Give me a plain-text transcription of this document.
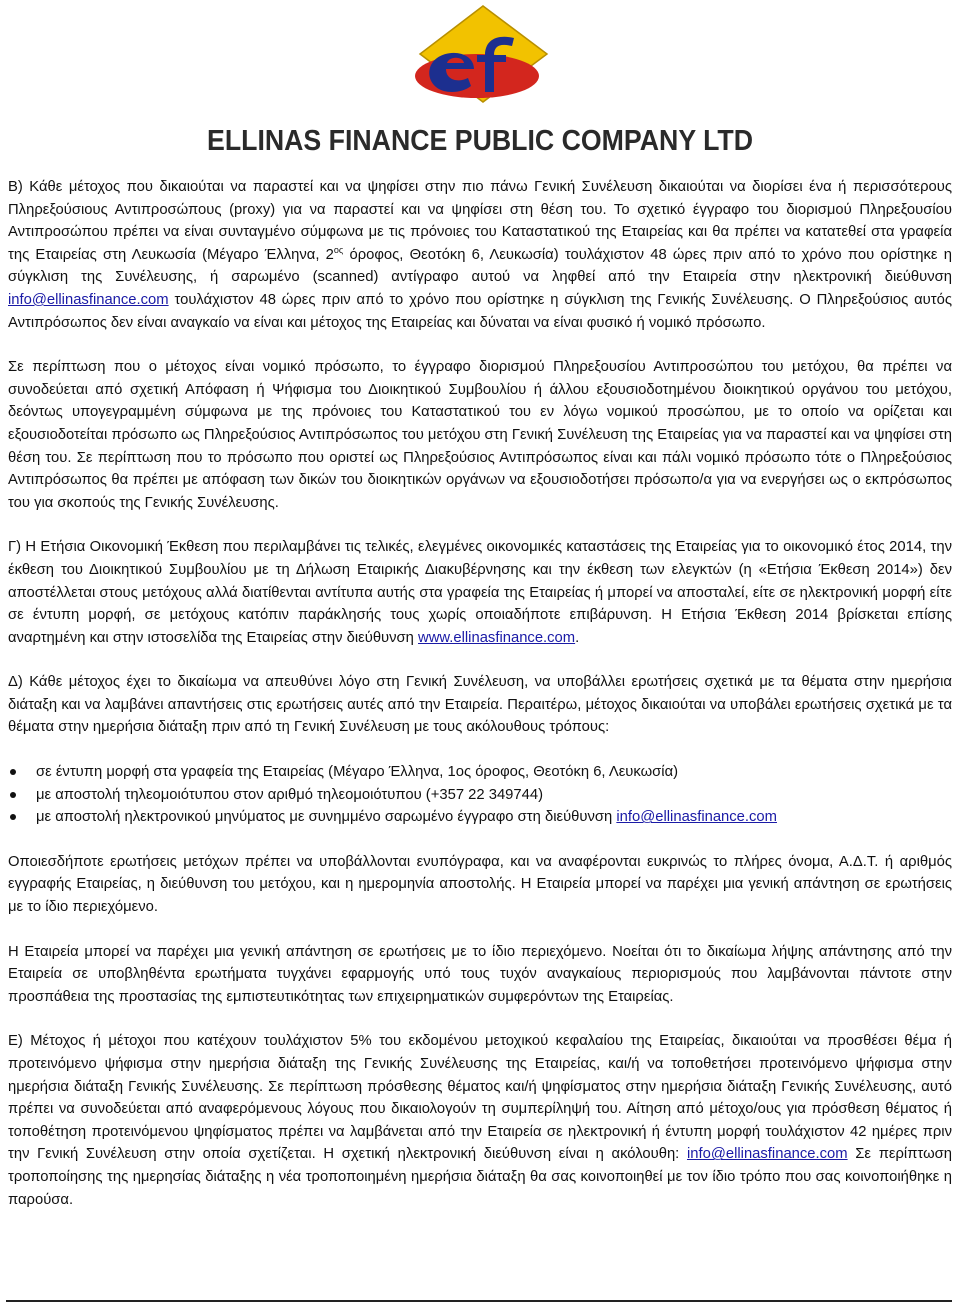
ELLINAS FINANCE PUBLIC COMPANY LTD

Β) Κάθε μέτοχος που δικαιούται να παραστεί και να ψηφίσει στην πιο πάνω Γενική Συνέλευση δικαιούται να διορίσει ένα ή περισσότερους Πληρεξούσιους Αντιπροσώπους (proxy) για να παραστεί και να ψηφίσει στη θέση του. Το σχετικό έγγραφο του διορισμού Πληρεξουσίου Αντιπροσώπου πρέπει να είναι συνταγμένο σύμφωνα με τις πρόνοιες του Καταστατικού της Εταιρείας και θα πρέπει να κατατεθεί στα γραφεία της Εταιρείας στη Λευκωσία (Μέγαρο Έλληνα, $2^{o\varsigma}$ όροφος, Θεοτόκη 6, Λευκωσία) τουλάχιστον 48 ώρες πριν από το χρόνο που ορίστηκε η σύγκλιση της Συνέλευσης, ή σαρωμένο (scanned) αντίγραφο αυτού να ληφθεί από την Εταιρεία στην ηλεκτρονική διεύθυνση info@ellinasfinance.com τουλάχιστον 48 ώρες πριν από το χρόνο που ορίστηκε η σύγκλιση της Γενικής Συνέλευσης. Ο Πληρεξούσιος αυτός Αντιπρόσωπος δεν είναι αναγκαίο να είναι και μέτοχος της Εταιρείας και δύναται να είναι φυσικό ή νομικό πρόσωπο.

Σε περίπτωση που ο μέτοχος είναι νομικό πρόσωπο, το έγγραφο διορισμού Πληρεξουσίου Αντιπροσώπου του μετόχου, θα πρέπει να συνοδεύεται από σχετική Απόφαση ή Ψήφισμα του Διοικητικού Συμβουλίου ή άλλου εξουσιοδοτημένου διοικητικού οργάνου του μετόχου, δεόντως υπογεγραμμένη σύμφωνα με της πρόνοιες του Καταστατικού του εν λόγω νομικού προσώπου, με το οποίο να ορίζεται και εξουσιοδοτείται πρόσωπο ως Πληρεξούσιος Αντιπρόσωπος του μετόχου στη Γενική Συνέλευση της Εταιρείας για να παραστεί και να ψηφίσει στη θέση του. Σε περίπτωση που το πρόσωπο που οριστεί ως Πληρεξούσιος Αντιπρόσωπος είναι και πάλι νομικό πρόσωπο τότε ο Πληρεξούσιος Αντιπρόσωπος θα πρέπει με απόφαση των δικών του διοικητικών οργάνων να εξουσιοδοτήσει πρόσωπο/α για να ενεργήσει ως ο εκπρόσωπος του για σκοπούς της Γενικής Συνέλευσης.

Γ) Η Ετήσια Οικονομική Έκθεση που περιλαμβάνει τις τελικές, ελεγμένες οικονομικές καταστάσεις της Εταιρείας για το οικονομικό έτος 2014, την έκθεση του Διοικητικού Συμβουλίου με τη Δήλωση Εταιρικής Διακυβέρνησης και την έκθεση των ελεγκτών (η «Ετήσια Έκθεση 2014») δεν αποστέλλεται στους μετόχους αλλά διατίθενται αντίτυπα αυτής στα γραφεία της Εταιρείας ή μπορεί να αποσταλεί, είτε σε ηλεκτρονική μορφή είτε σε έντυπη μορφή, σε μετόχους κατόπιν παράκλησής τους χωρίς οποιαδήποτε επιβάρυνση. Η Ετήσια Έκθεση 2014 βρίσκεται επίσης αναρτημένη και στην ιστοσελίδα της Εταιρείας στην διεύθυνση www.ellinasfinance.com.

Δ) Κάθε μέτοχος έχει το δικαίωμα να απευθύνει λόγο στη Γενική Συνέλευση, να υποβάλλει ερωτήσεις σχετικά με τα θέματα στην ημερήσια διάταξη και να λαμβάνει απαντήσεις στις ερωτήσεις αυτές από την Εταιρεία. Περαιτέρω, μέτοχος δικαιούται να υποβάλει ερωτήσεις σχετικά με τα θέματα στην ημερήσια διάταξη πριν από τη Γενική Συνέλευση με τους ακόλουθους τρόπους:

σε έντυπη μορφή στα γραφεία της Εταιρείας (Μέγαρο Έλληνα, 1ος όροφος, Θεοτόκη 6, Λευκωσία)
με αποστολή τηλεομοιότυπου στον αριθμό τηλεομοιότυπου (+357 22 349744)
με αποστολή ηλεκτρονικού μηνύματος με συνημμένο σαρωμένο έγγραφο στη διεύθυνση info@ellinasfinance.com

Οποιεσδήποτε ερωτήσεις μετόχων πρέπει να υποβάλλονται ενυπόγραφα, και να αναφέρονται ευκρινώς το πλήρες όνομα, Α.Δ.Τ. ή αριθμός εγγραφής Εταιρείας, η διεύθυνση του μετόχου, και η ημερομηνία αποστολής. Η Εταιρεία μπορεί να παρέχει μια γενική απάντηση σε ερωτήσεις με το ίδιο περιεχόμενο.

Η Εταιρεία μπορεί να παρέχει μια γενική απάντηση σε ερωτήσεις με το ίδιο περιεχόμενο. Νοείται ότι το δικαίωμα λήψης απάντησης από την Εταιρεία σε υποβληθέντα ερωτήματα τυγχάνει εφαρμογής υπό τους τυχόν αναγκαίους περιορισμούς που λαμβάνονται πάντοτε στην προσπάθεια της προστασίας της εμπιστευτικότητας των επιχειρηματικών συμφερόντων της Εταιρείας.

Ε) Μέτοχος ή μέτοχοι που κατέχουν τουλάχιστον 5% του εκδομένου μετοχικού κεφαλαίου της Εταιρείας, δικαιούται να προσθέσει θέμα ή προτεινόμενο ψήφισμα στην ημερήσια διάταξη της Γενικής Συνέλευσης της Εταιρείας, και/ή να τοποθετήσει προτεινόμενο ψήφισμα στην ημερήσια διάταξη Γενικής Συνέλευσης. Σε περίπτωση πρόσθεσης θέματος και/ή ψηφίσματος στην ημερήσια διάταξη Γενικής Συνέλευσης, αυτό πρέπει να συνοδεύεται από αναφερόμενους λόγους που δικαιολογούν τη συμπερίληψή του. Αίτηση από μέτοχο/ους για πρόσθεση θέματος ή τοποθέτηση προτεινόμενου ψηφίσματος πρέπει να λαμβάνεται από την Εταιρεία σε ηλεκτρονική ή έντυπη μορφή τουλάχιστον 42 ημέρες πριν την Γενική Συνέλευση στην οποία σχετίζεται. Η σχετική ηλεκτρονική διεύθυνση είναι η ακόλουθη: info@ellinasfinance.com Σε περίπτωση τροποποίησης της ημερησίας διάταξης η νέα τροποποιημένη ημερήσια διάταξη θα σας κοινοποιηθεί με τον ίδιο τρόπο που σας κοινοποιήθηκε η παρούσα.
